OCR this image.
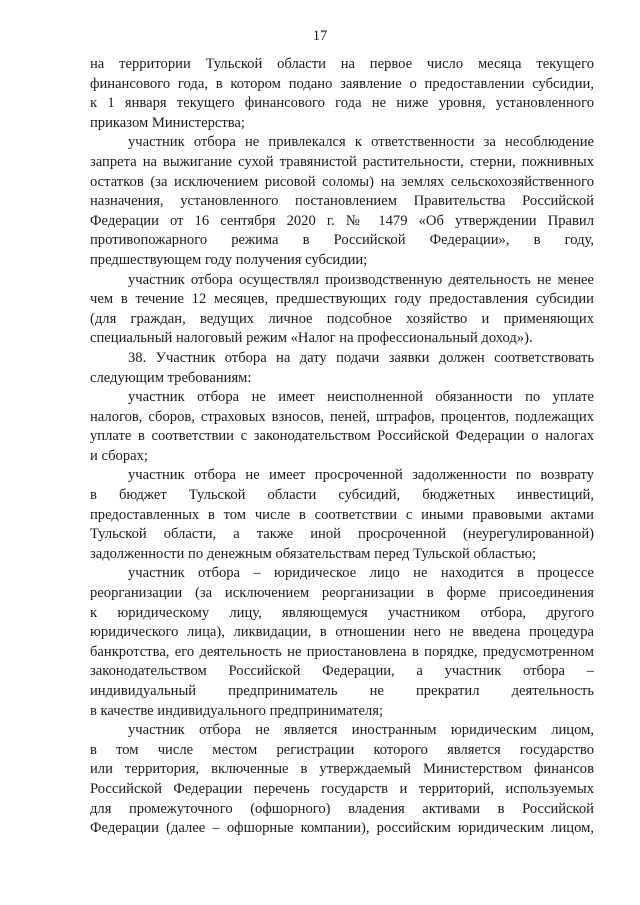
17

на территории Тульской области на первое число месяца текущего
финансового года, в котором подано заявление о предоставлении субсидии,
к 1 января текущего финансового года не ниже уровня, установленного
приказом Министерства;

участник отбора не привлекался к ответственности за несоблюдение
запрета на выжигание сухой травянистой растительности, стерни, пожнивных
остатков (за исключением рисовой соломы) на землях сельскохозяйственного
назначения, установленного постановлением Правительства Российской
Федерации от 16 сентября 2020 г. № 1479 «Об утверждении Правил
противопожарного режима в Российской Федерации», в году,
предшествующем году получения субсидии;

участник отбора осуществлял производственную деятельность не менее
чем в течение 12 месяцев, предшествующих году предоставления субсидии
(для граждан, ведущих личное подсобное хозяйство и применяющих
специальный налоговый режим «Налог на профессиональный доход»).

38. Участник отбора на дату подачи заявки должен соответствовать
следующим требованиям:

участник отбора не имеет неисполненной обязанности по уплате
налогов, сборов, страховых взносов, пеней, штрафов, процентов, подлежащих
уплате в соответствии с законодательством Российской Федерации о налогах
и сборах;

участник отбора не имеет просроченной задолженности по возврату
в бюджет Тульской области субсидий, бюджетных инвестиций,
предоставленных в том числе в соответствии с иными правовыми актами
Тульской области, а также иной просроченной (неурегулированной)
задолженности по денежным обязательствам перед Тульской областью;

участник отбора – юридическое лицо не находится в процессе
реорганизации (за исключением реорганизации в форме присоединения
к юридическому лицу, являющемуся участником отбора, другого
юридического лица), ликвидации, в отношении него не введена процедура
банкротства, его деятельность не приостановлена в порядке, предусмотренном
законодательством Российской Федерации, а участник отбора –
индивидуальный предприниматель не прекратил деятельность
в качестве индивидуального предпринимателя;

участник отбора не является иностранным юридическим лицом,
в том числе местом регистрации которого является государство
или территория, включенные в утверждаемый Министерством финансов
Российской Федерации перечень государств и территорий, используемых
для промежуточного (офшорного) владения активами в Российской
Федерации (далее – офшорные компании), российским юридическим лицом,
